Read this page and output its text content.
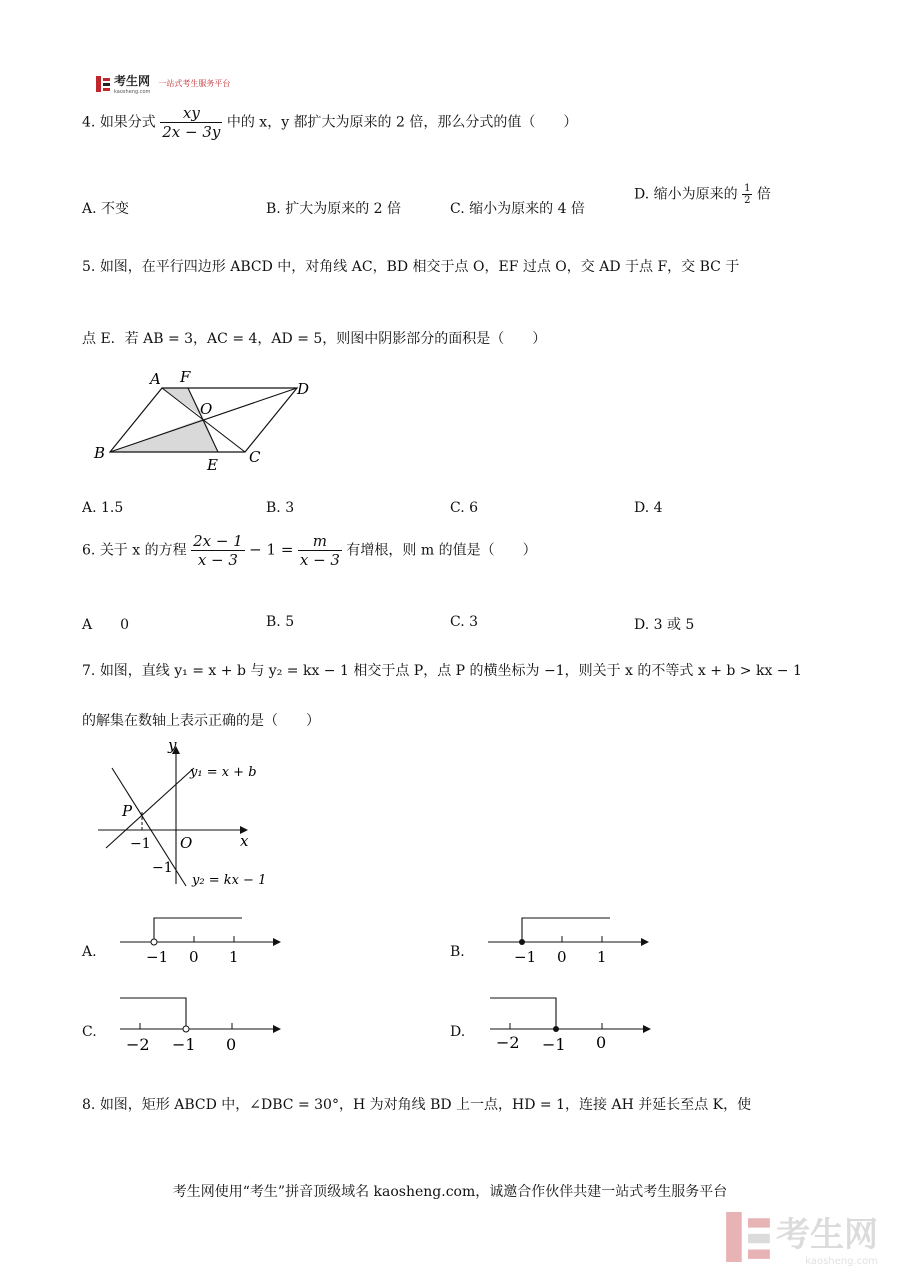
考生网
kaosheng.com
一站式考生服务平台
4. 如果分式 $\frac{xy}{2x - 3y}$ 中的 x，y 都扩大为原来的 2 倍，那么分式的值（　　）
A. 不变	B. 扩大为原来的 2 倍	C. 缩小为原来的 4 倍
D. 缩小为原来的 $\frac{1}{2}$ 倍
5. 如图，在平行四边形 ABCD 中，对角线 AC，BD 相交于点 O，EF 过点 O，交 AD 于点 F，交 BC 于
点 E．若 AB = 3，AC = 4，AD = 5，则图中阴影部分的面积是（　　）
A F
D
O
B
E C
A. 1.5	B. 3	C. 6	D. 4
6. 关于 x 的方程 $\frac{2x - 1}{x - 3} - 1 = \frac{m}{x - 3}$ 有增根，则 m 的值是（　　）
A　　0	B. 5	C. 3	D. 3 或 5
7. 如图，直线 y₁ = x + b 与 y₂ = kx − 1 相交于点 P，点 P 的横坐标为 −1，则关于 x 的不等式 x + b > kx − 1
的解集在数轴上表示正确的是（　　）
y
x
O
P
−1
−1
y₁ = x + b
y₂ = kx − 1
A.	−1 0 1	B.	−1 0 1
C.
−2 −1 0
D.
−2 −1 0
8. 如图，矩形 ABCD 中，∠DBC = 30°，H 为对角线 BD 上一点，HD = 1，连接 AH 并延长至点 K，使
考生网使用“考生”拼音顶级域名 kaosheng.com，诚邀合作伙伴共建一站式考生服务平台
考生网
kaosheng.com
